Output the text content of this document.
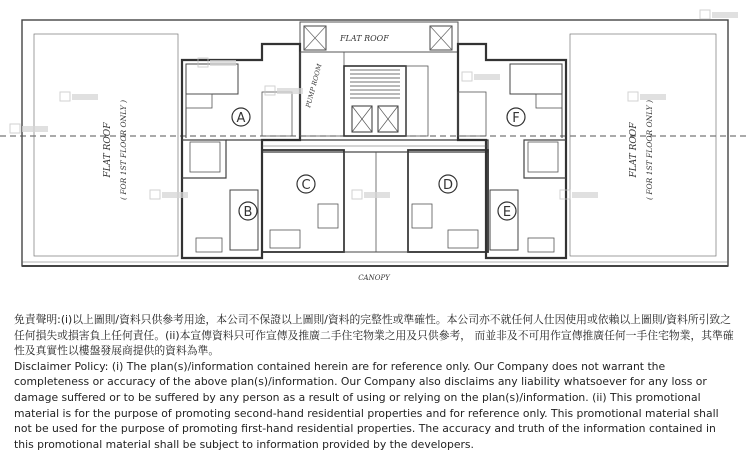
A
B
C	D
E
F
FLAT ROOF
CANOPY
FLAT ROOF ( FOR 1ST FLOOR ONLY )	FLAT ROOF ( FOR 1ST FLOOR ONLY )
PUMP ROOM

免責聲明:(i)以上圖則/資料只供參考用途，本公司不保證以上圖則/資料的完整性或準確性。本公司亦不就任何人仕因使用或依賴以上圖則/資料所引致之任何損失或損害負上任何責任。(ii)本宣傳資料只可作宣傳及推廣二手住宅物業之用及只供參考， 而並非及不可用作宣傳推廣任何一手住宅物業，其準確性及真實性以樓盤發展商提供的資料為準。

Disclaimer Policy: (i) The plan(s)/information contained herein are for reference only. Our Company does not warrant the completeness or accuracy of the above plan(s)/information. Our Company also disclaims any liability whatsoever for any loss or damage suffered or to be suffered by any person as a result of using or relying on the plan(s)/information. (ii) This promotional material is for the purpose of promoting second-hand residential properties and for reference only. This promotional material shall not be used for the purpose of promoting first-hand residential properties. The accuracy and truth of the information contained in this promotional material shall be subject to information provided by the developers.
